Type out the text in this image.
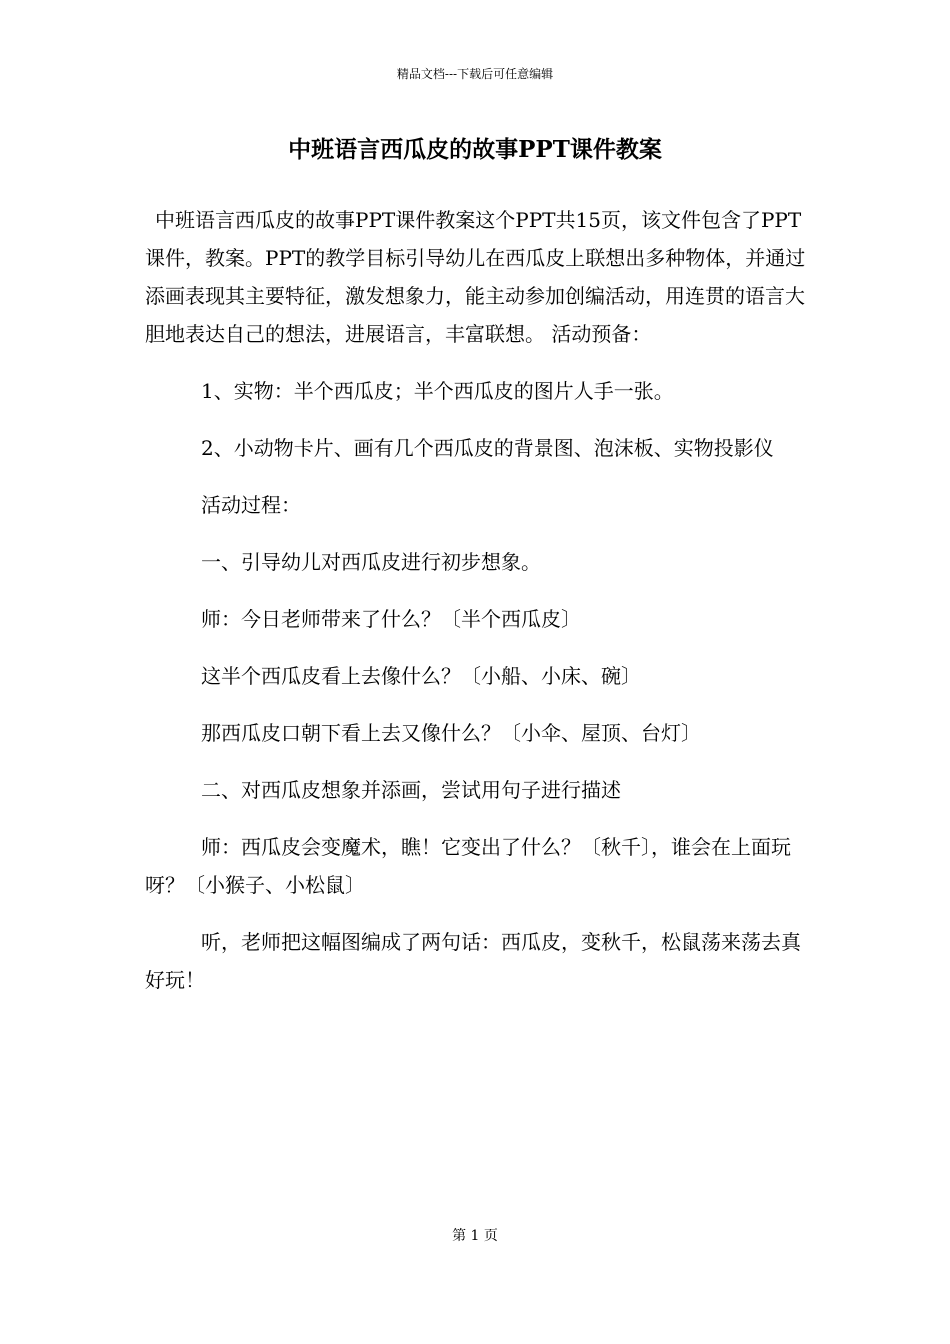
精品文档---下载后可任意编辑
中班语言西瓜皮的故事PPT课件教案

中班语言西瓜皮的故事PPT课件教案这个PPT共15页，该文件包含了PPT课件，教案。PPT的教学目标引导幼儿在西瓜皮上联想出多种物体，并通过添画表现其主要特征，激发想象力，能主动参加创编活动，用连贯的语言大胆地表达自己的想法，进展语言，丰富联想。 活动预备：

1、实物：半个西瓜皮；半个西瓜皮的图片人手一张。

2、小动物卡片、画有几个西瓜皮的背景图、泡沫板、实物投影仪

活动过程：

一、引导幼儿对西瓜皮进行初步想象。

师：今日老师带来了什么？〔半个西瓜皮〕

这半个西瓜皮看上去像什么？〔小船、小床、碗〕

那西瓜皮口朝下看上去又像什么？〔小伞、屋顶、台灯〕

二、对西瓜皮想象并添画，尝试用句子进行描述

师：西瓜皮会变魔术，瞧！它变出了什么？〔秋千〕，谁会在上面玩呀？〔小猴子、小松鼠〕

听，老师把这幅图编成了两句话：西瓜皮，变秋千，松鼠荡来荡去真好玩！

第 1 页
